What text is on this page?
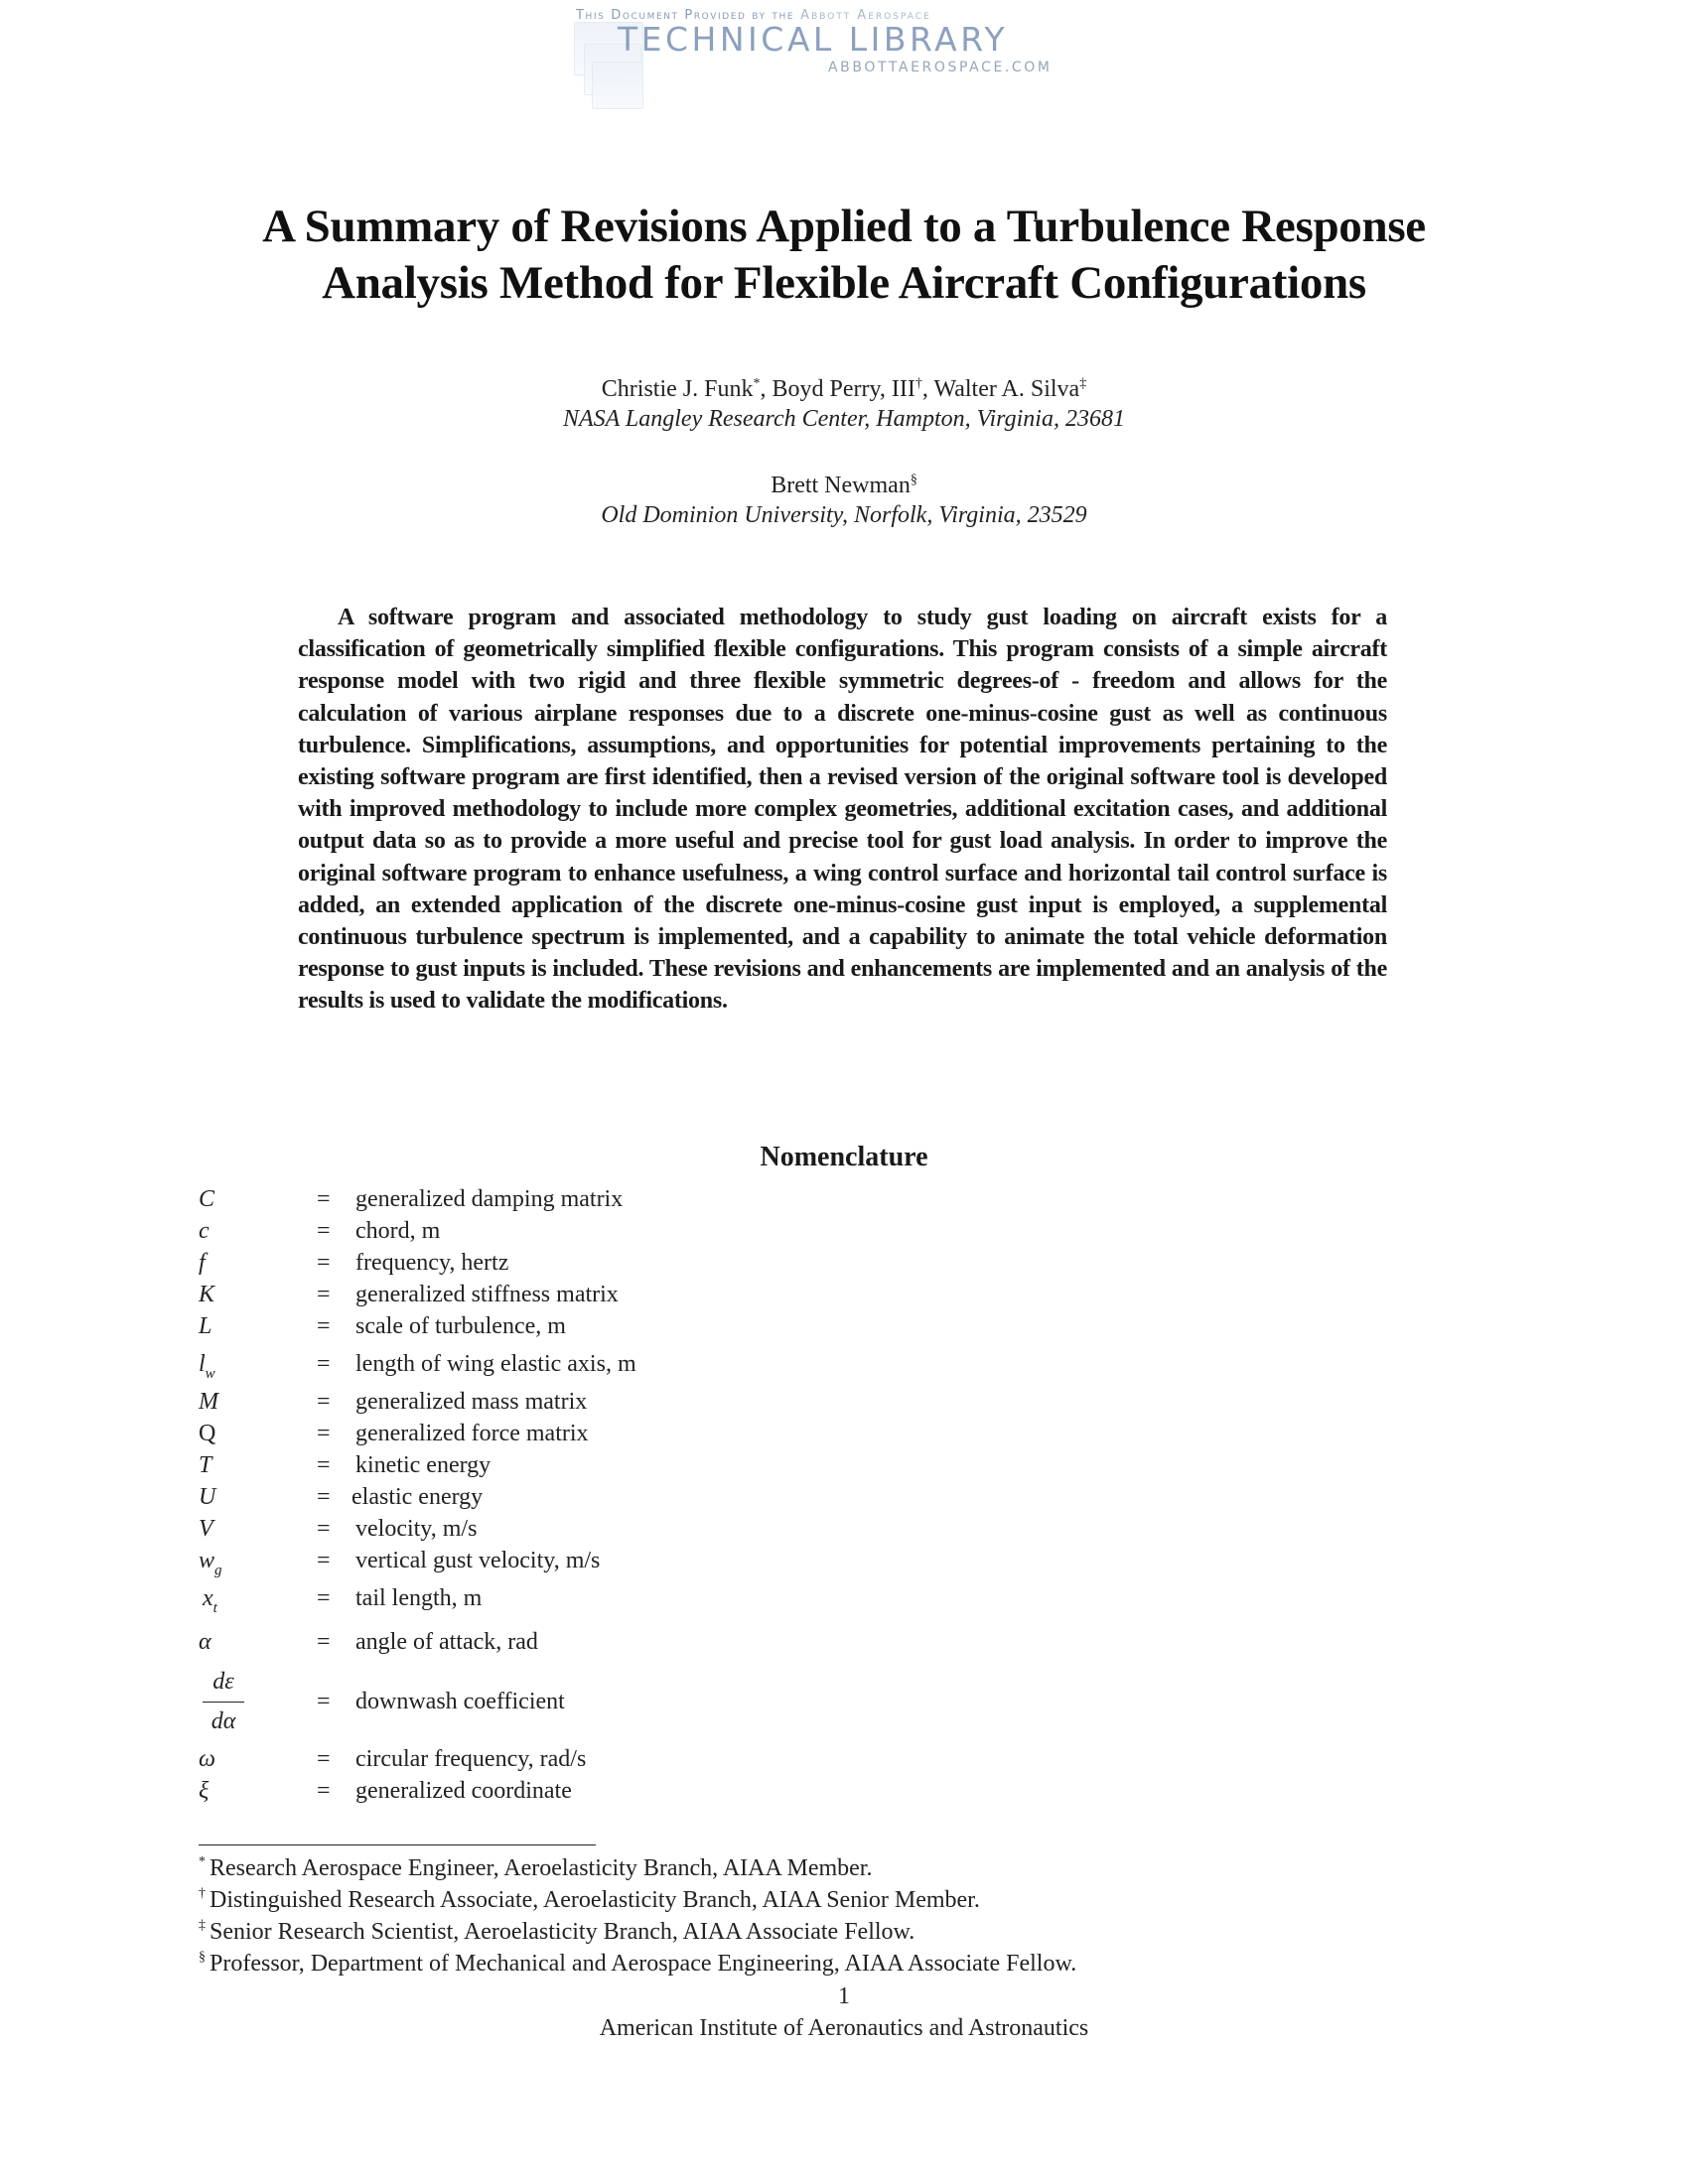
This Document Provided by the Abbott Aerospace
TECHNICAL LIBRARY
ABBOTTAEROSPACE.COM
A Summary of Revisions Applied to a Turbulence Response
Analysis Method for Flexible Aircraft Configurations
Christie J. Funk*, Boyd Perry, III†, Walter A. Silva‡
NASA Langley Research Center, Hampton, Virginia, 23681
Brett Newman§
Old Dominion University, Norfolk, Virginia, 23529
A software program and associated methodology to study gust loading on aircraft exists for a classification of geometrically simplified flexible configurations. This program consists of a simple aircraft response model with two rigid and three flexible symmetric degrees-of - freedom and allows for the calculation of various airplane responses due to a discrete one-minus-cosine gust as well as continuous turbulence. Simplifications, assumptions, and opportunities for potential improvements pertaining to the existing software program are first identified, then a revised version of the original software tool is developed with improved methodology to include more complex geometries, additional excitation cases, and additional output data so as to provide a more useful and precise tool for gust load analysis. In order to improve the original software program to enhance usefulness, a wing control surface and horizontal tail control surface is added, an extended application of the discrete one-minus-cosine gust input is employed, a supplemental continuous turbulence spectrum is implemented, and a capability to animate the total vehicle deformation response to gust inputs is included. These revisions and enhancements are implemented and an analysis of the results is used to validate the modifications.
Nomenclature
C	= generalized damping matrix
c	= chord, m
f	= frequency, hertz
K	= generalized stiffness matrix
L	= scale of turbulence, m
$l_w$	= length of wing elastic axis, m
M	= generalized mass matrix
Q	= generalized force matrix
T	= kinetic energy
U	= elastic energy
V	= velocity, m/s
$w_g$	= vertical gust velocity, m/s
$x_t$	= tail length, m
α	= angle of attack, rad
$\frac{d\varepsilon}{d\alpha}$	= downwash coefficient
ω	= circular frequency, rad/s
ξ	= generalized coordinate
* Research Aerospace Engineer, Aeroelasticity Branch, AIAA Member.
† Distinguished Research Associate, Aeroelasticity Branch, AIAA Senior Member.
‡ Senior Research Scientist, Aeroelasticity Branch, AIAA Associate Fellow.
§ Professor, Department of Mechanical and Aerospace Engineering, AIAA Associate Fellow.
1
American Institute of Aeronautics and Astronautics
